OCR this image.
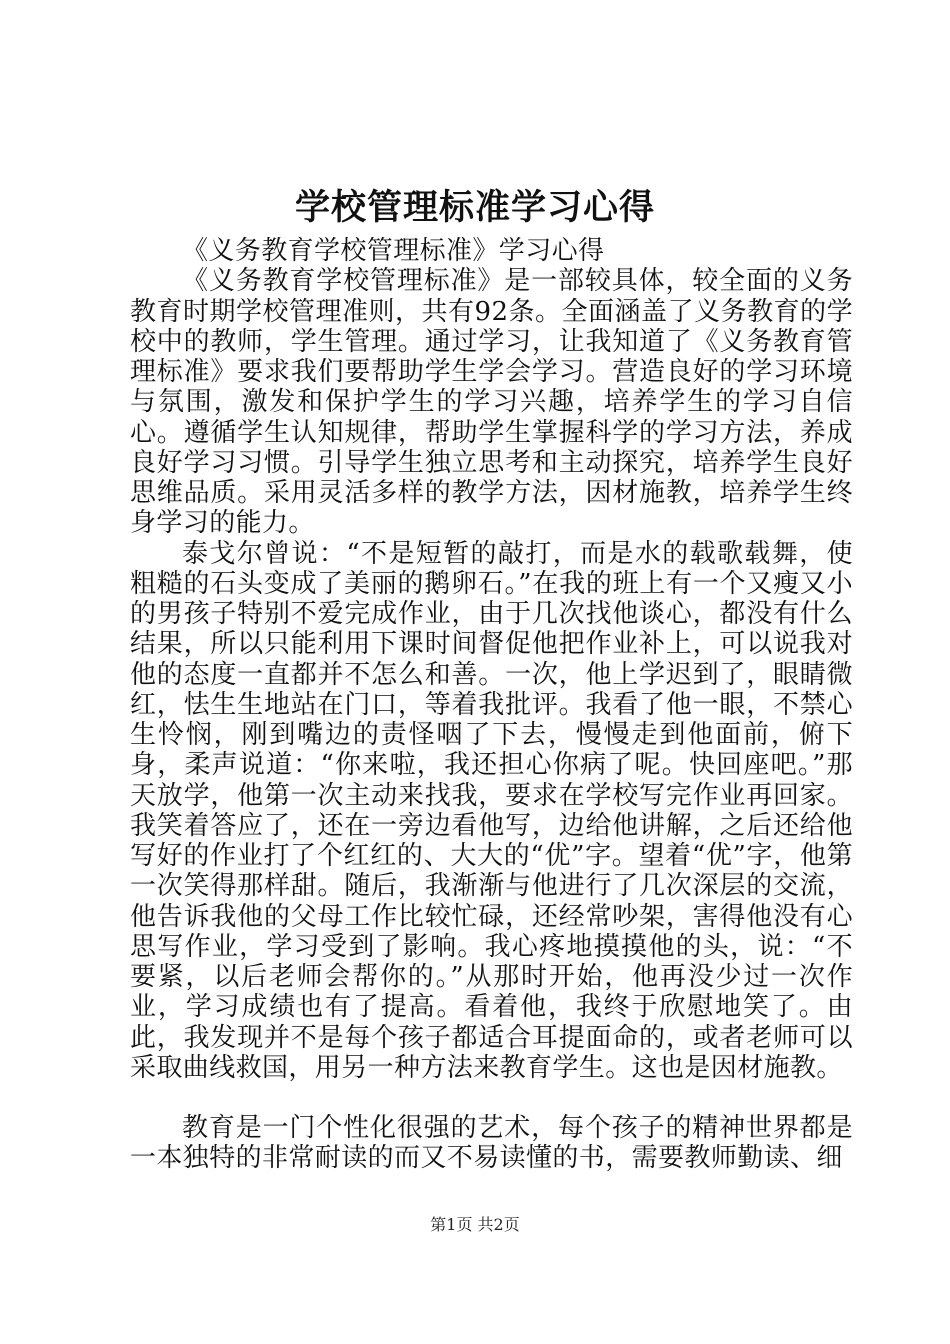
学校管理标准学习心得

《义务教育学校管理标准》学习心得

《义务教育学校管理标准》是一部较具体，较全面的义务教育时期学校管理准则，共有92条。全面涵盖了义务教育的学校中的教师，学生管理。通过学习，让我知道了《义务教育管理标准》要求我们要帮助学生学会学习。营造良好的学习环境与氛围，激发和保护学生的学习兴趣，培养学生的学习自信心。遵循学生认知规律，帮助学生掌握科学的学习方法，养成良好学习习惯。引导学生独立思考和主动探究，培养学生良好思维品质。采用灵活多样的教学方法，因材施教，培养学生终身学习的能力。

泰戈尔曾说：“不是短暂的敲打，而是水的载歌载舞，使粗糙的石头变成了美丽的鹅卵石。”在我的班上有一个又瘦又小的男孩子特别不爱完成作业，由于几次找他谈心，都没有什么结果，所以只能利用下课时间督促他把作业补上，可以说我对他的态度一直都并不怎么和善。一次，他上学迟到了，眼睛微红，怯生生地站在门口，等着我批评。我看了他一眼，不禁心生怜悯，刚到嘴边的责怪咽了下去，慢慢走到他面前，俯下身，柔声说道：“你来啦，我还担心你病了呢。快回座吧。”那天放学，他第一次主动来找我，要求在学校写完作业再回家。我笑着答应了，还在一旁边看他写，边给他讲解，之后还给他写好的作业打了个红红的、大大的“优”字。望着“优”字，他第一次笑得那样甜。随后，我渐渐与他进行了几次深层的交流，他告诉我他的父母工作比较忙碌，还经常吵架，害得他没有心思写作业，学习受到了影响。我心疼地摸摸他的头，说：“不要紧，以后老师会帮你的。”从那时开始，他再没少过一次作业，学习成绩也有了提高。看着他，我终于欣慰地笑了。由此，我发现并不是每个孩子都适合耳提面命的，或者老师可以采取曲线救国，用另一种方法来教育学生。这也是因材施教。

教育是一门个性化很强的艺术，每个孩子的精神世界都是一本独特的非常耐读的而又不易读懂的书，需要教师勤读、细

第1页 共2页
